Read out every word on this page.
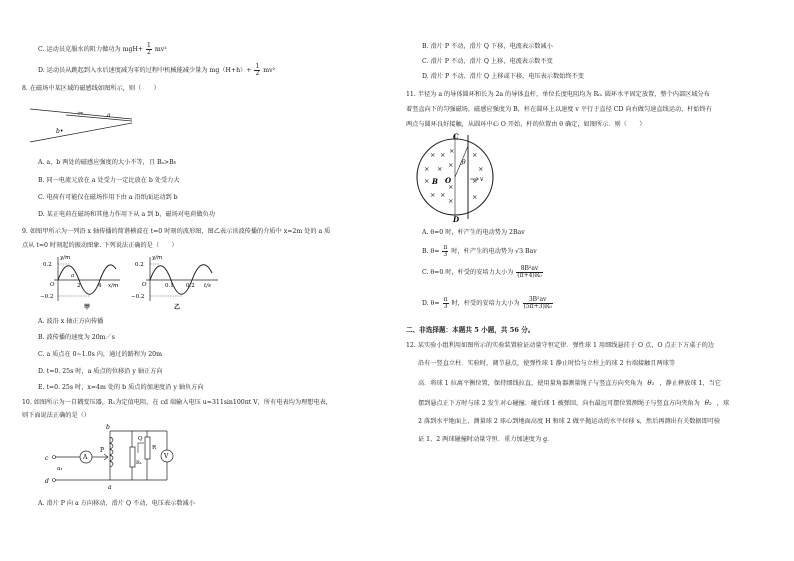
C. 运动员克服水的阻力做功为 $mgH+ \frac{1}{2} mv^2$
D. 运动员从跳起到入水后速度减为零的过程中机械能减少量为 $mg(H+h)+ \frac{1}{2} mv^2$
8. 在磁场中某区域的磁感线如图所示，则（　　）
a
b•
A. a、b 两处的磁感应强度的大小不等，且 Bₐ>Bᵦ
B. 同一电流元放在 a 处受力一定比放在 b 处受力大
C. 电荷有可能仅在磁场作用下由 a 沿纸面运动到 b
D. 某正电荷在磁场和其他力作用下从 a 到 b，磁场对电荷做负功
9. 如图甲所示为一列沿 x 轴传播的简谐横波在 t=0 时刻的波形图，图乙表示该波传播的介质中 x=2m 处的 a 质
点从 t=0 时刻起的振动图象. 下列说法正确的是（　　）
y/m
0.2
−0.2
O
a
2	4 x/m
甲
y/m
0.2
−0.2
O	0.1 0.2 t/s
乙
A. 波沿 x 轴正方向传播
B. 波传播的速度为 20m／s
C. a 质点在 0~1.0s 内，通过的路程为 20m
D. t=0. 25s 时，a 质点的位移沿 y 轴正方向
E. t=0. 25s 时，x=4m 处的 b 质点的加速度沿 y 轴负方向
10. 如图所示为一自耦变压器，R₁为定值电阻，在 cd 端输入电压 u=311sin100πt V，所有电表均为理想电表，
则下面说法正确的是（）
c
d
u₁
A
P
b
a
Q
R
R₁
V
A. 滑片 P 向 a 方向移动、滑片 Q 不动，电压表示数减小
B. 滑片 P 不动，滑片 Q 下移，电流表示数减小
C. 滑片 P 不动，滑片 Q 上移，电流表示数不变
D. 滑片 P 不动、滑片 Q 上移或下移，电压表示数始终不变
11. 半径为 a 的导体圆环和长为 2a 的导体直杆，单位长度电阻均为 R₀. 圆环水平固定放置，整个内部区域分布
着竖直向下的匀强磁场，磁感应强度为 B，杆在圆环上以速度 v 平行于直径 CD 向右做匀速直线运动，杆始终有
两点与圆环良好接触，从圆环中心 O 开始，杆的位置由 θ 确定，如图所示．则（　　）
× × ×	×
× × ×	×
×
×
×
× ×
×	×
C
D
B O
θ
v
A. θ=0 时，杆产生的电动势为 2Bav
B. $\theta= \frac{\pi}{3}$ 时，杆产生的电动势为 √3 Bav
C. θ=0 时，杆受的安培力大小为 $\frac{\text{8B²av}}{\text{(π+4)R₀}}$
D. $\theta= \frac{\pi}{3}$ 时，杆受的安培力大小为 $\frac{\text{3B²av}}{\text{(5π+3)R₀}}$
二、非选择题：本题共 5 小题，共 56 分。
12. 某实验小组利用如图所示的实验装置验证动量守恒定律．弹性球 1 用细线悬挂于 O 点，O 点正下方桌子的边
沿有一竖直立柱．实验时，调节悬点，使弹性球 1 静止时恰与立柱上的球 2 右端接触且两球等
高．将球 1 拉离平衡位置，保持细线拉直，使用量角器测量绳子与竖直方向夹角为 θ₁ ，静止释放球 1，当它
摆到悬点正下方时与球 2 发生对心碰撞．碰后球 1 被弹回，向右最远可摆位置测绳子与竖直方向夹角为 θ₂ ，球
2 落到水平地面上，测量球 2 球心到地面高度 H 和球 2 做平抛运动的水平位移 s，然后再测出有关数据即可验
证 1、2 两球碰撞时动量守恒．重力加速度为 g．
